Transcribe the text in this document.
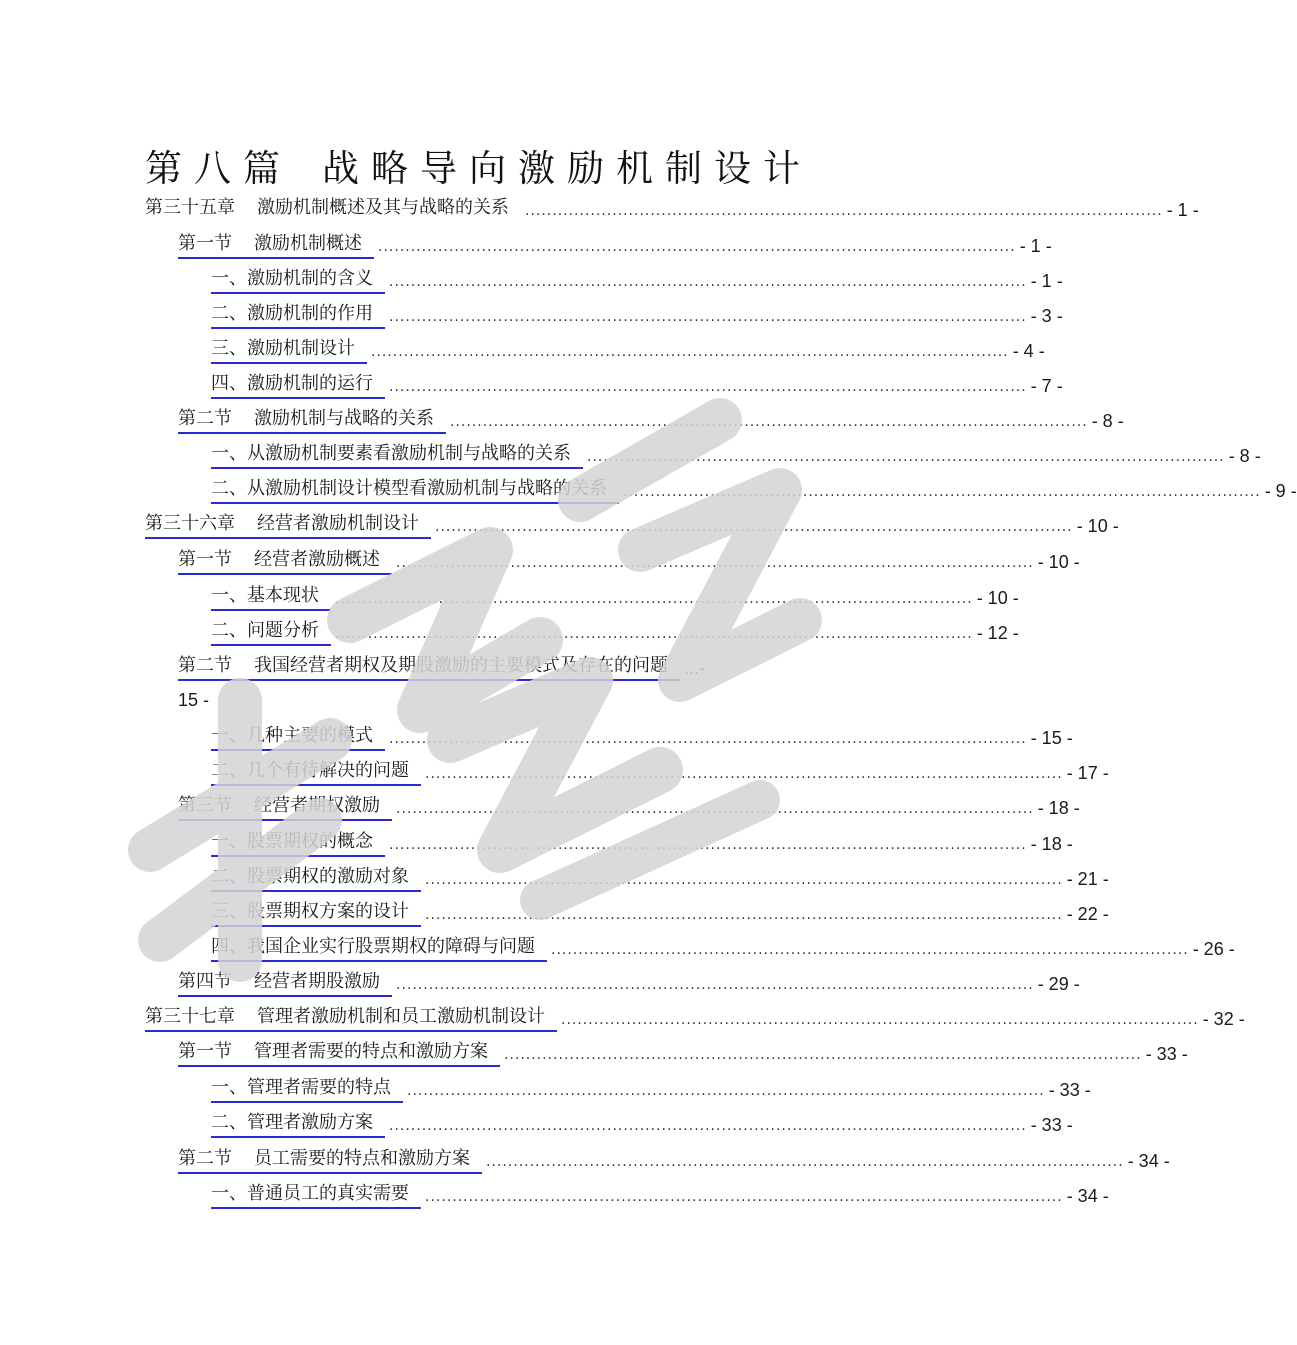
第八篇 战略导向激励机制设计
第三十五章 激励机制概述及其与战略的关系 ..................................................................................................................... - 1 -
第一节 激励机制概述 ..................................................................................................................... - 1 -
一、 激励机制的含义 ..................................................................................................................... - 1 -
二、 激励机制的作用 ..................................................................................................................... - 3 -
三、 激励机制设计 ..................................................................................................................... - 4 -
四、 激励机制的运行 ..................................................................................................................... - 7 -
第二节 激励机制与战略的关系 ..................................................................................................................... - 8 -
一、 从激励机制要素看激励机制与战略的关系 ..................................................................................................................... - 8 -
二、 从激励机制设计模型看激励机制与战略的关系 ..................................................................................................................... - 9 -
第三十六章 经营者激励机制设计 ..................................................................................................................... - 10 -
第一节 经营者激励概述 ..................................................................................................................... - 10 -
一、 基本现状 ..................................................................................................................... - 10 -
二、 问题分析 ..................................................................................................................... - 12 -
第二节 我国经营者期权及期股激励的主要模式及存在的问题 ...-
15 -
一、 几种主要的模式 ..................................................................................................................... - 15 -
二、 几个有待解决的问题 ..................................................................................................................... - 17 -
第三节 经营者期权激励 ..................................................................................................................... - 18 -
一、 股票期权的概念 ..................................................................................................................... - 18 -
二、 股票期权的激励对象 ..................................................................................................................... - 21 -
三、 股票期权方案的设计 ..................................................................................................................... - 22 -
四、 我国企业实行股票期权的障碍与问题 ..................................................................................................................... - 26 -
第四节 经营者期股激励 ..................................................................................................................... - 29 -
第三十七章 管理者激励机制和员工激励机制设计 ..................................................................................................................... - 32 -
第一节 管理者需要的特点和激励方案 ..................................................................................................................... - 33 -
一、 管理者需要的特点 ..................................................................................................................... - 33 -
二、 管理者激励方案 ..................................................................................................................... - 33 -
第二节 员工需要的特点和激励方案 ..................................................................................................................... - 34 -
一、 普通员工的真实需要 ..................................................................................................................... - 34 -
